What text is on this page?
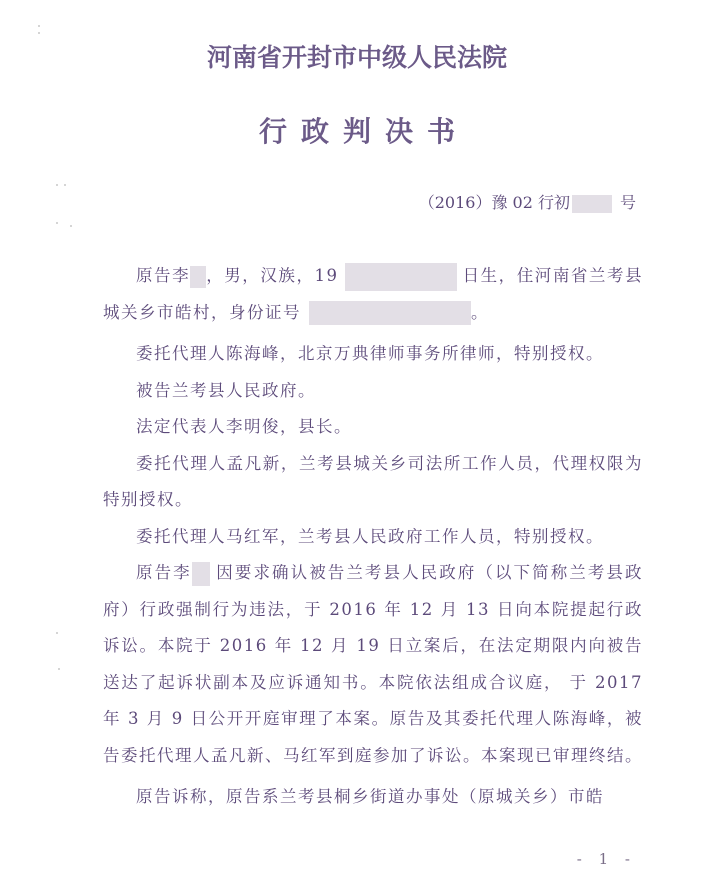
河南省开封市中级人民法院
行政判决书
（2016）豫 02 行初	号

原告李 ，男，汉族，19	日生，住河南省兰考县城关乡市皓村，身份证号	。

委托代理人陈海峰，北京万典律师事务所律师，特别授权。

被告兰考县人民政府。

法定代表人李明俊，县长。

委托代理人孟凡新，兰考县城关乡司法所工作人员，代理权限为特别授权。

委托代理人马红军，兰考县人民政府工作人员，特别授权。

原告李 因要求确认被告兰考县人民政府（以下简称兰考县政府）行政强制行为违法，于 2016 年 12 月 13 日向本院提起行政诉讼。本院于 2016 年 12 月 19 日立案后，在法定期限内向被告送达了起诉状副本及应诉通知书。本院依法组成合议庭， 于 2017 年 3 月 9 日公开开庭审理了本案。原告及其委托代理人陈海峰，被告委托代理人孟凡新、马红军到庭参加了诉讼。本案现已审理终结。

原告诉称，原告系兰考县桐乡街道办事处（原城关乡）市皓

- 1 -
